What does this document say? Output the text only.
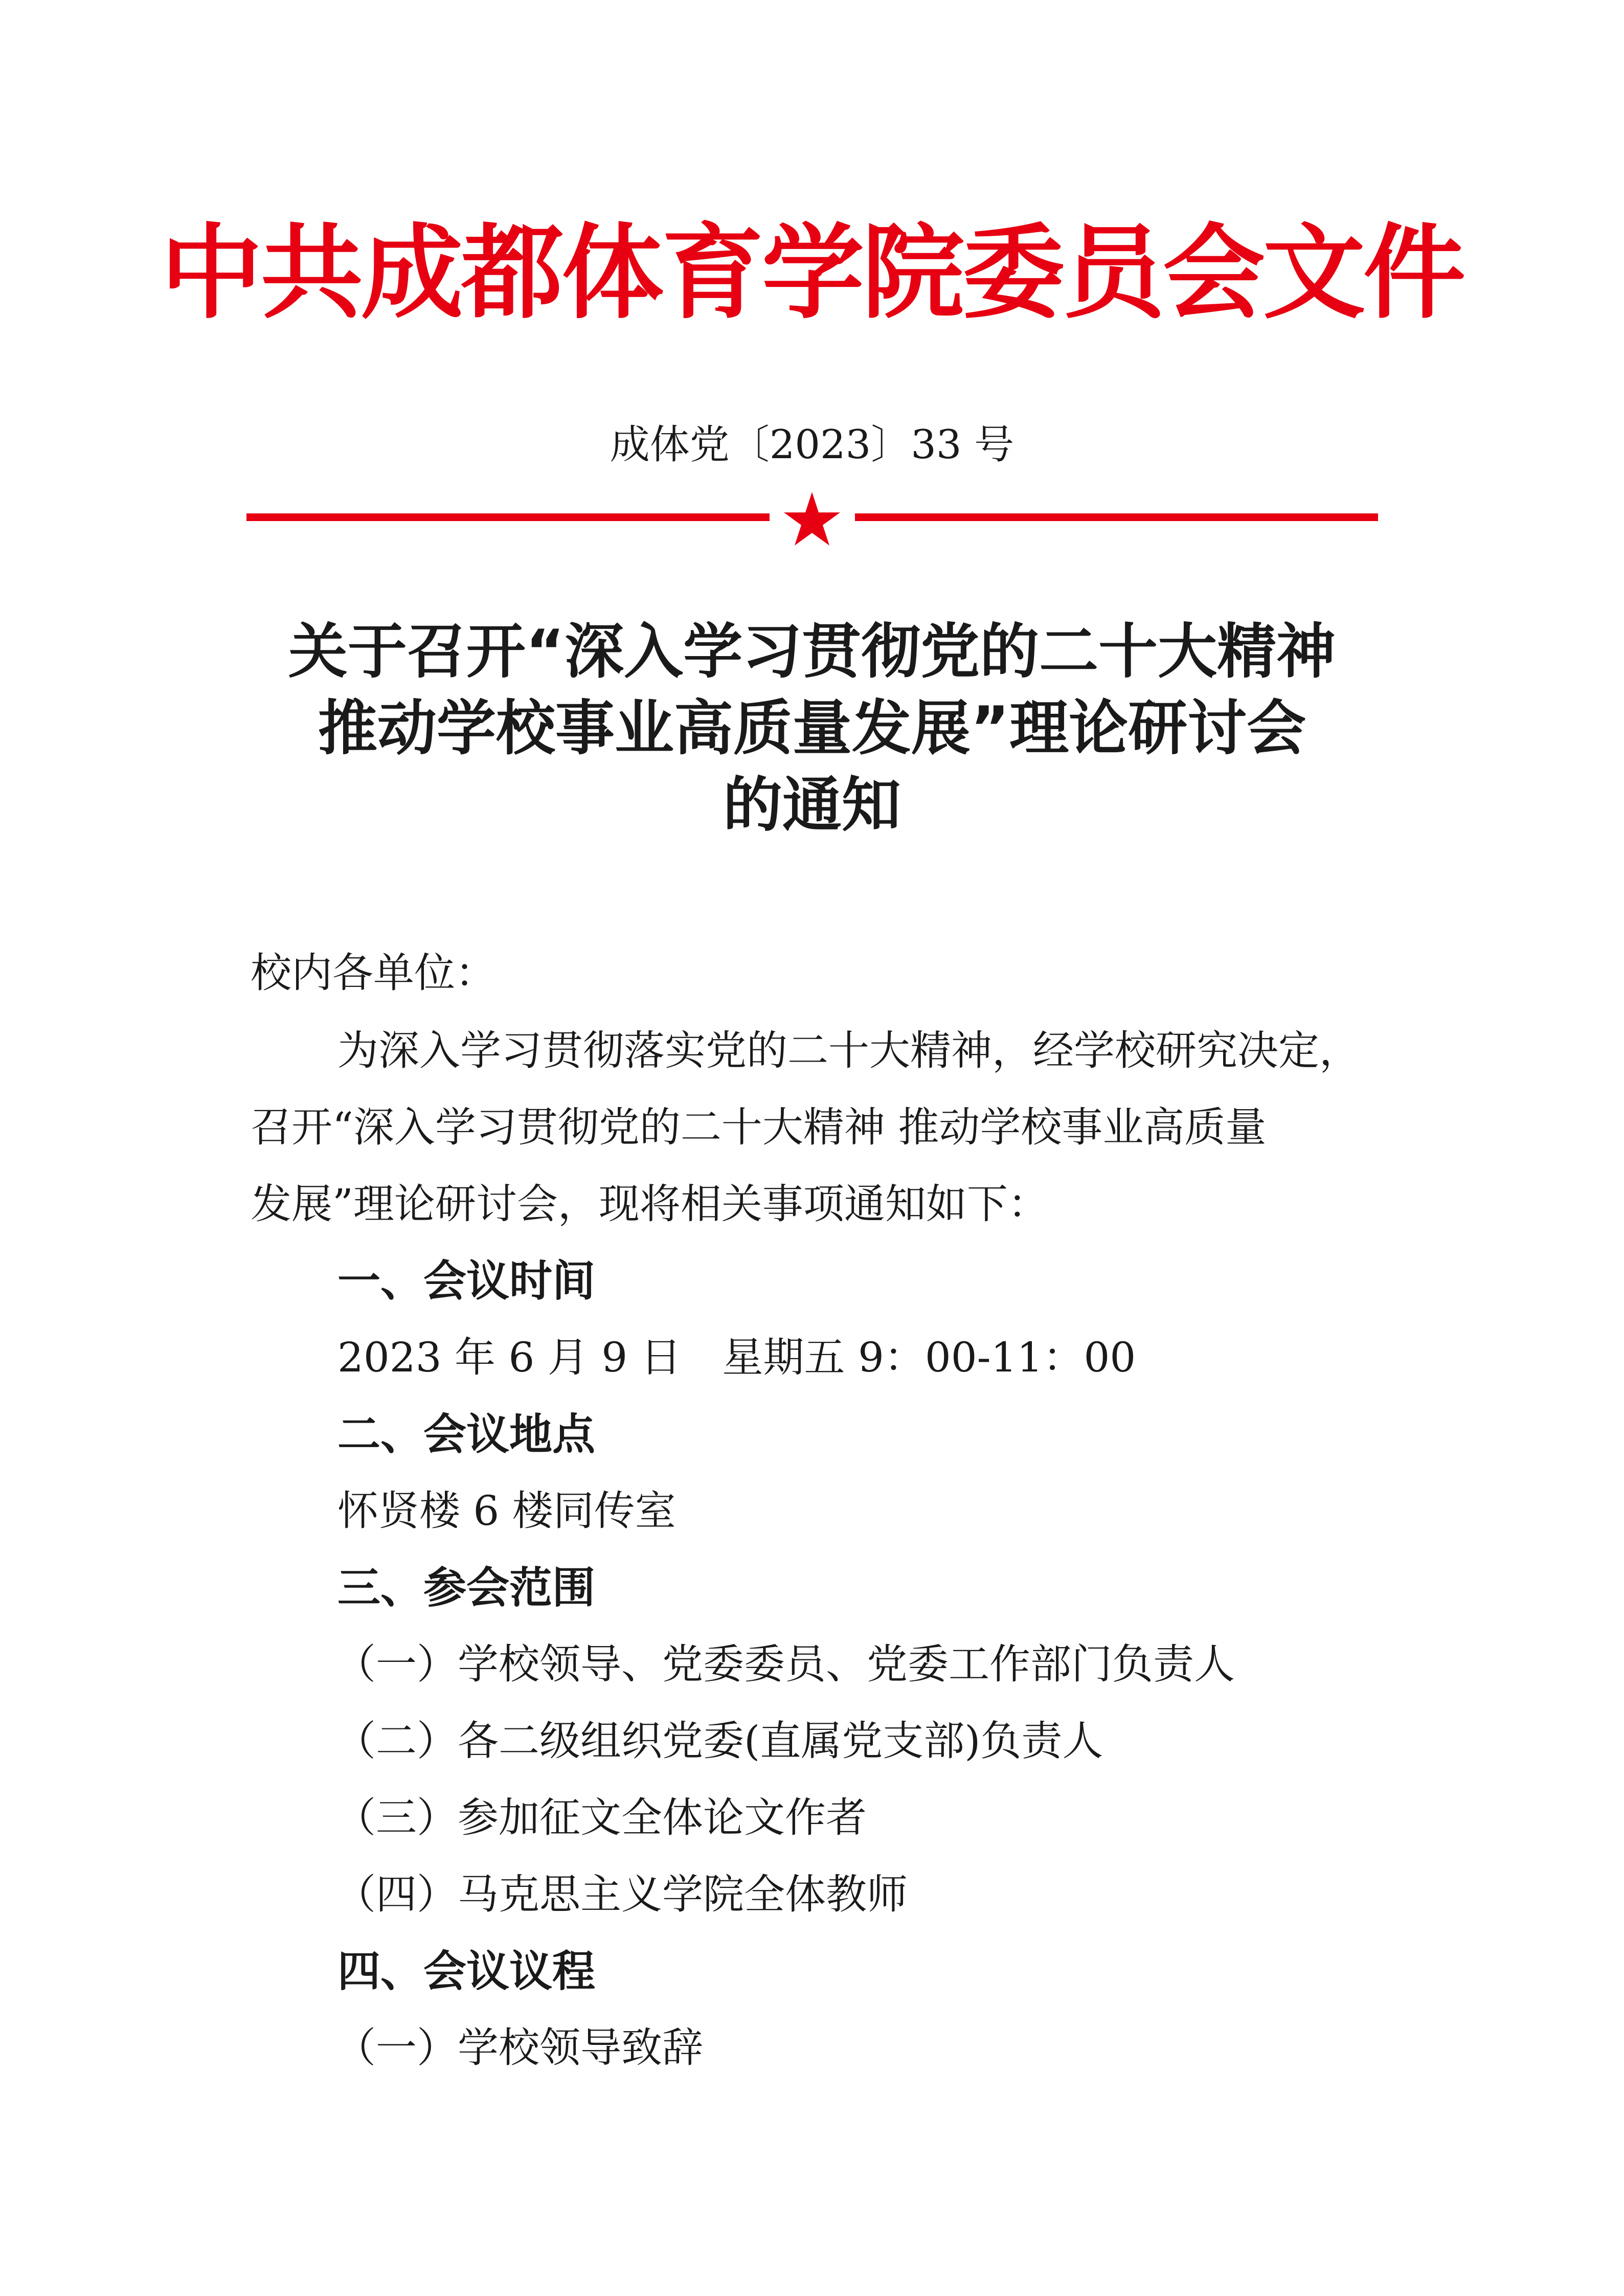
中共成都体育学院委员会文件
成体党〔2023〕33 号
关于召开“深入学习贯彻党的二十大精神
推动学校事业高质量发展”理论研讨会
的通知
校内各单位：
为深入学习贯彻落实党的二十大精神，经学校研究决定，
召开“深入学习贯彻党的二十大精神 推动学校事业高质量
发展”理论研讨会，现将相关事项通知如下：
一、会议时间
2023 年 6 月 9 日　星期五 9：00-11：00
二、会议地点
怀贤楼 6 楼同传室
三、参会范围
（一）学校领导、党委委员、党委工作部门负责人
（二）各二级组织党委(直属党支部)负责人
（三）参加征文全体论文作者
（四）马克思主义学院全体教师
四、会议议程
（一）学校领导致辞
